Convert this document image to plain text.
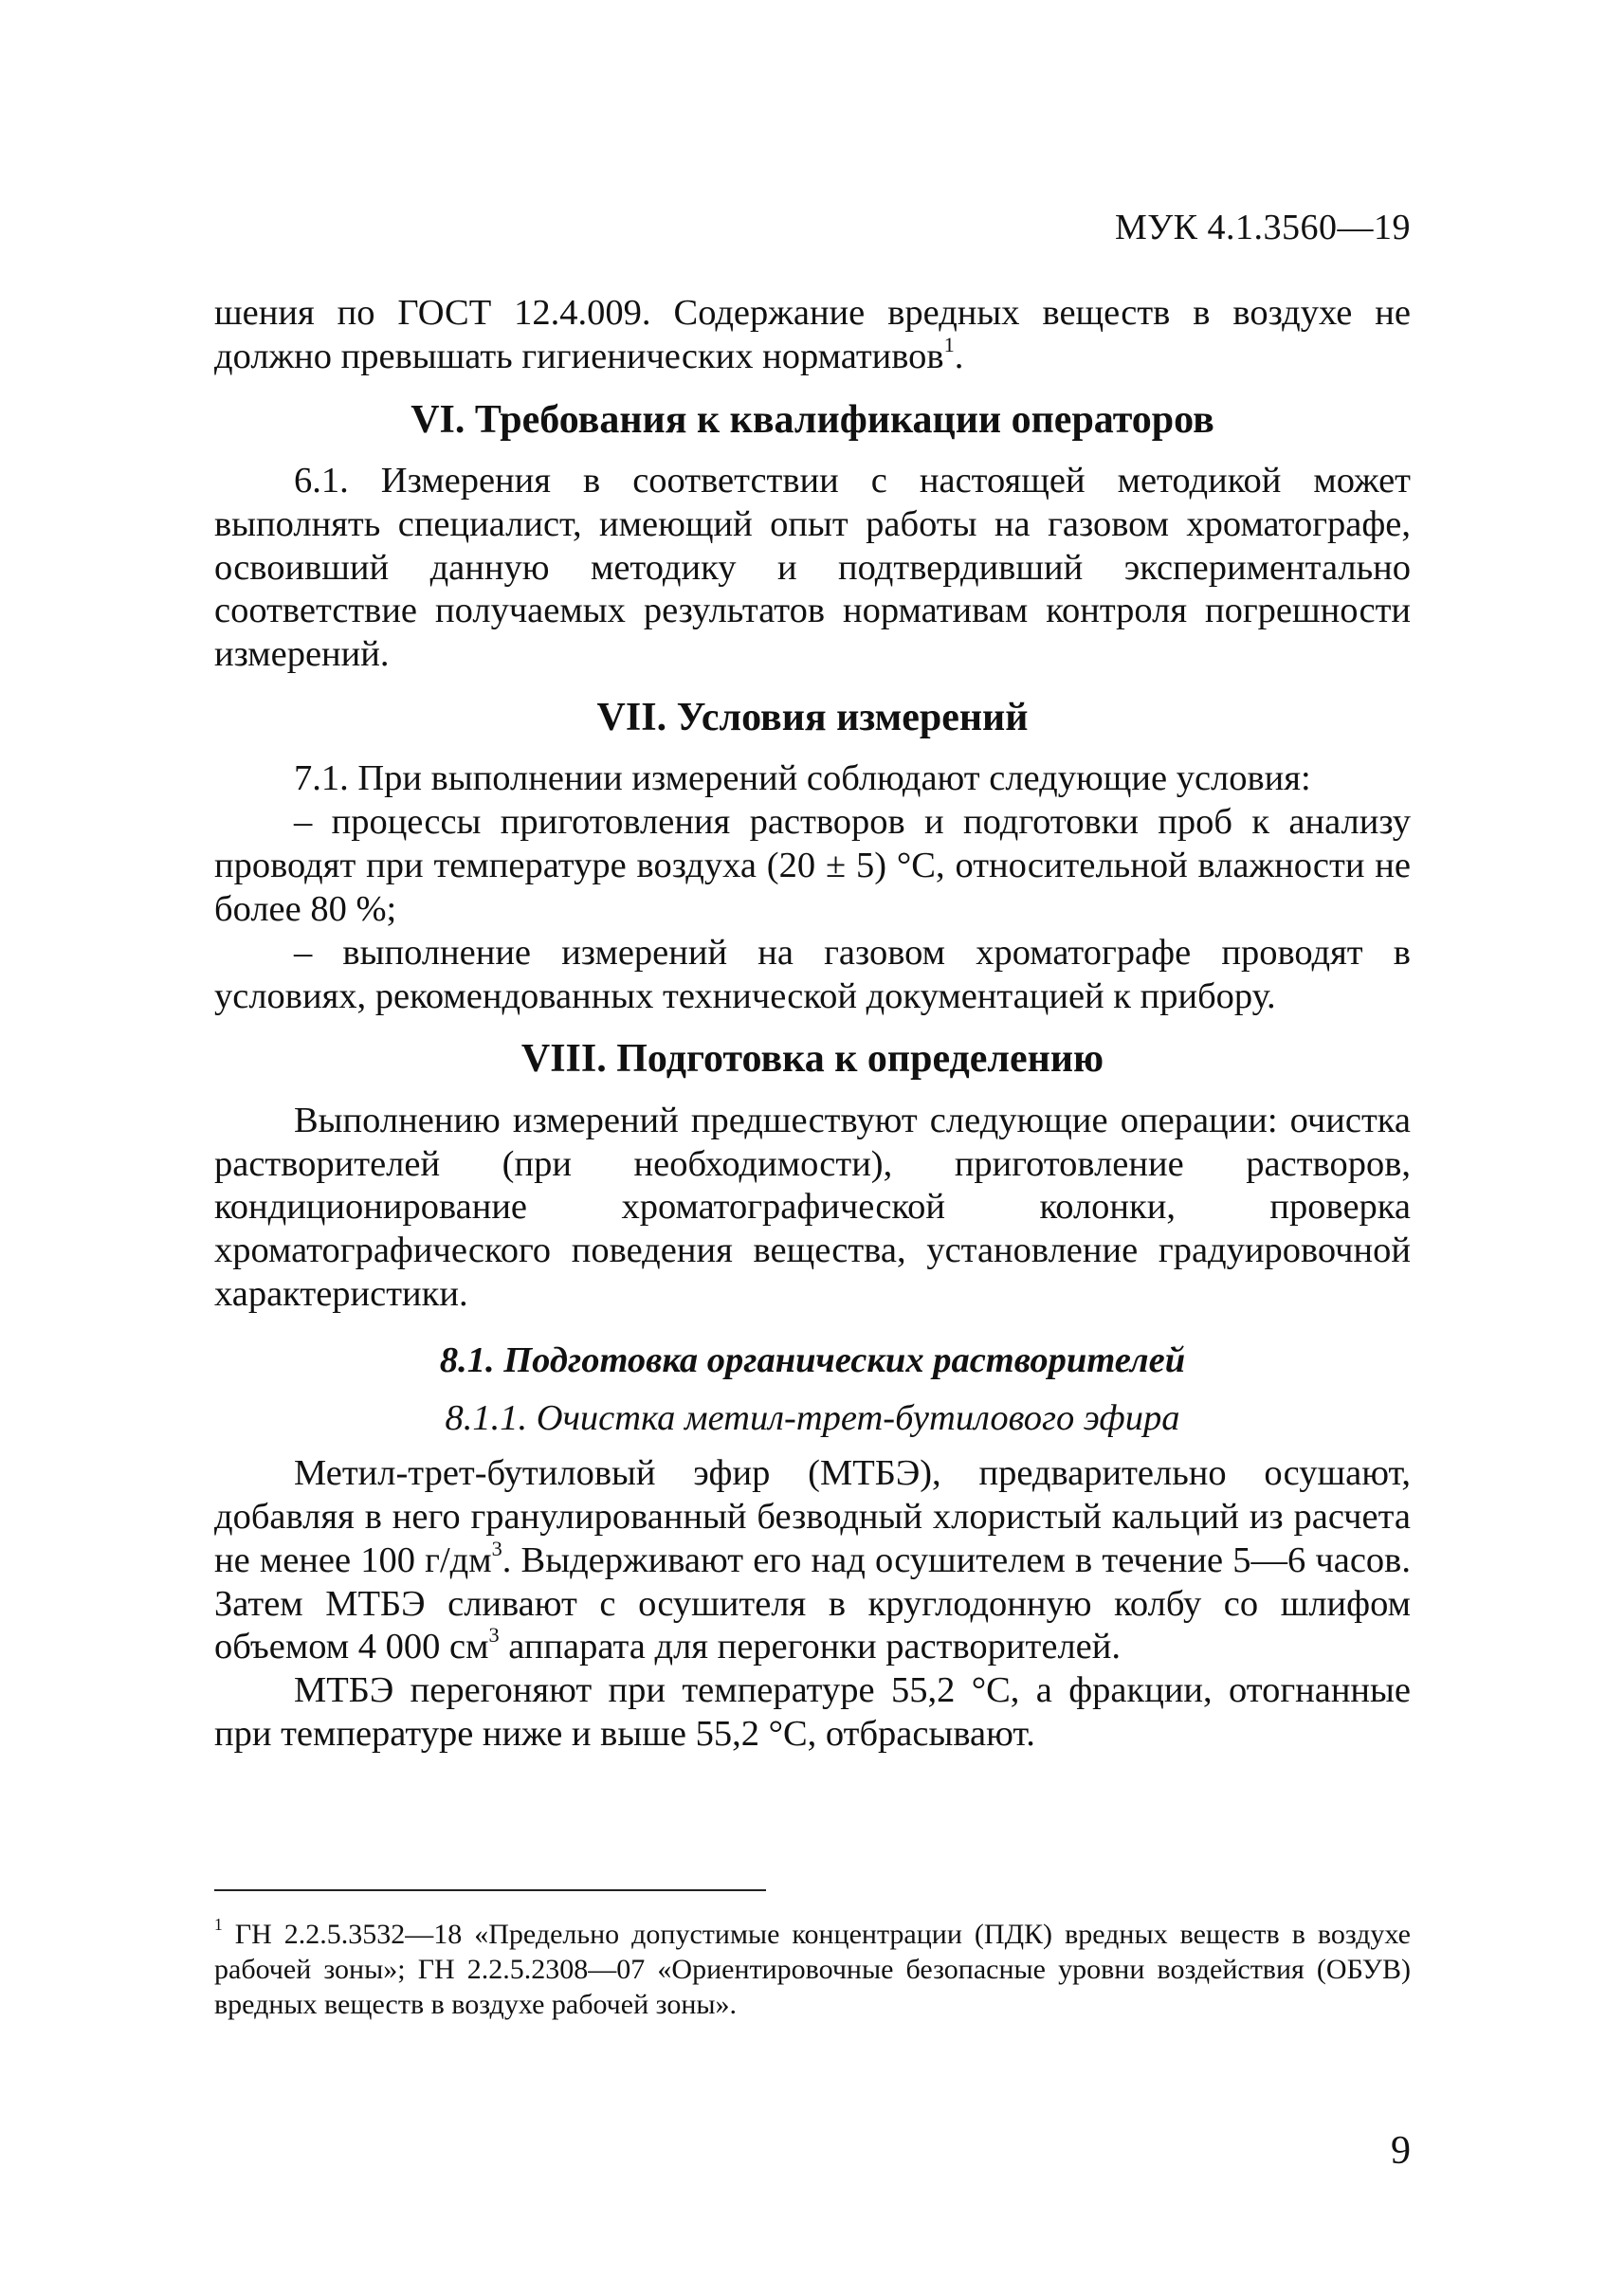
МУК 4.1.3560—19

шения по ГОСТ 12.4.009. Содержание вредных веществ в воздухе не должно превышать гигиенических нормативов$^1$.

VI. Требования к квалификации операторов

6.1. Измерения в соответствии с настоящей методикой может выполнять специалист, имеющий опыт работы на газовом хроматографе, освоивший данную методику и подтвердивший экспериментально соответствие получаемых результатов нормативам контроля погрешности измерений.

VII. Условия измерений

7.1. При выполнении измерений соблюдают следующие условия:

– процессы приготовления растворов и подготовки проб к анализу проводят при температуре воздуха (20 ± 5) °С, относительной влажности не более 80 %;

– выполнение измерений на газовом хроматографе проводят в условиях, рекомендованных технической документацией к прибору.

VIII. Подготовка к определению

Выполнению измерений предшествуют следующие операции: очистка растворителей (при необходимости), приготовление растворов, кондиционирование хроматографической колонки, проверка хроматографического поведения вещества, установление градуировочной характеристики.

8.1. Подготовка органических растворителей
8.1.1. Очистка метил-трет-бутилового эфира

Метил-трет-бутиловый эфир (МТБЭ), предварительно осушают, добавляя в него гранулированный безводный хлористый кальций из расчета не менее 100 $г/дм^3$. Выдерживают его над осушителем в течение 5—6 часов. Затем МТБЭ сливают с осушителя в круглодонную колбу со шлифом объемом 4 000 $см^3$ аппарата для перегонки растворителей.

МТБЭ перегоняют при температуре 55,2 °С, а фракции, отогнанные при температуре ниже и выше 55,2 °С, отбрасывают.

$^1$ ГН 2.2.5.3532—18 «Предельно допустимые концентрации (ПДК) вредных веществ в воздухе рабочей зоны»; ГН 2.2.5.2308—07 «Ориентировочные безопасные уровни воздействия (ОБУВ) вредных веществ в воздухе рабочей зоны».
9
